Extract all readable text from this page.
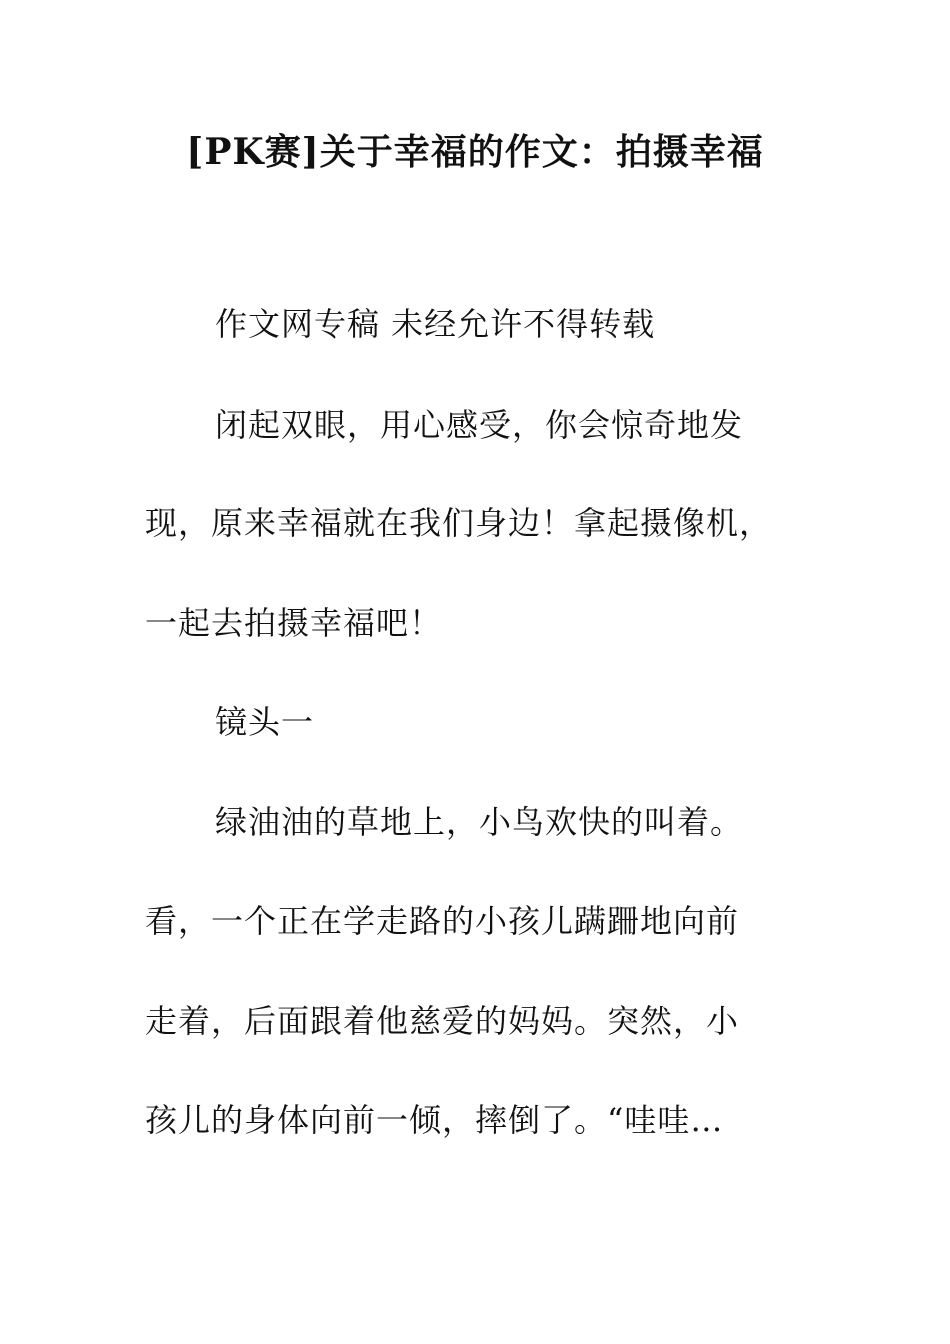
[PK赛]关于幸福的作文：拍摄幸福
作文网专稿 未经允许不得转载
闭起双眼，用心感受，你会惊奇地发
现，原来幸福就在我们身边！拿起摄像机，
一起去拍摄幸福吧！
镜头一
绿油油的草地上，小鸟欢快的叫着。
看，一个正在学走路的小孩儿蹒跚地向前
走着，后面跟着他慈爱的妈妈。突然，小
孩儿的身体向前一倾，摔倒了。“哇哇…
